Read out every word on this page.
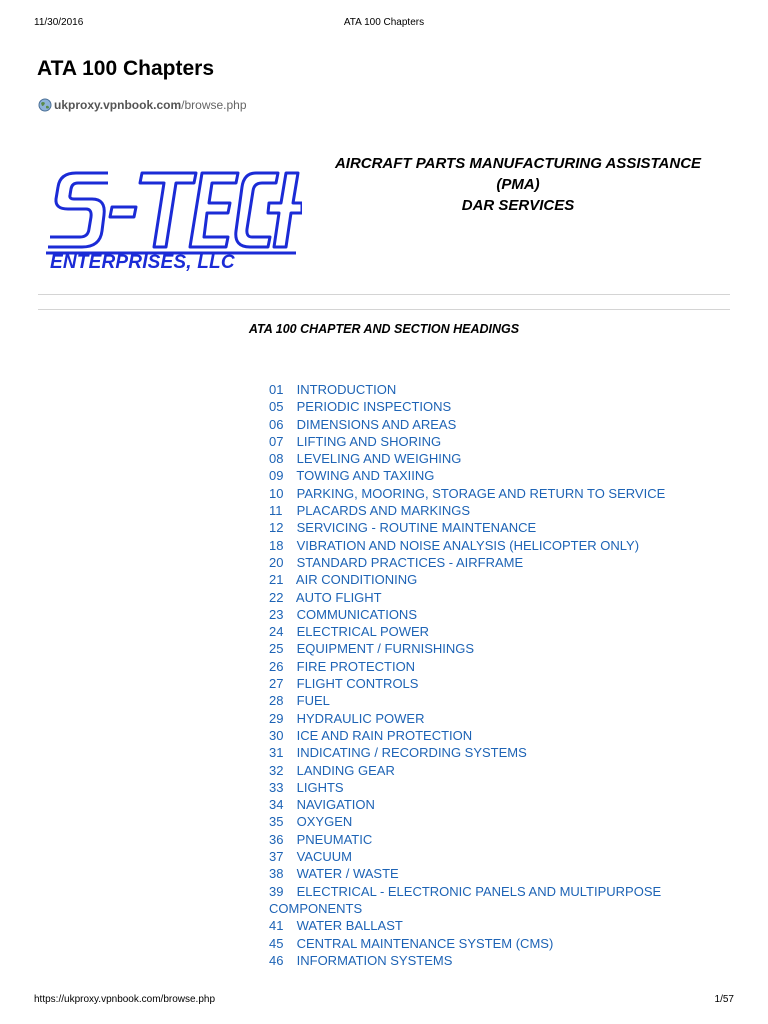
11/30/2016	ATA 100 Chapters
ATA 100 Chapters
ukproxy.vpnbook.com /browse.php
ENTERPRISES, LLC
AIRCRAFT PARTS MANUFACTURING ASSISTANCE
(PMA)
DAR SERVICES
ATA 100 CHAPTER AND SECTION HEADINGS
01 INTRODUCTION
05 PERIODIC INSPECTIONS
06 DIMENSIONS AND AREAS
07 LIFTING AND SHORING
08 LEVELING AND WEIGHING
09 TOWING AND TAXIING
10 PARKING, MOORING, STORAGE AND RETURN TO SERVICE
11 PLACARDS AND MARKINGS
12 SERVICING - ROUTINE MAINTENANCE
18 VIBRATION AND NOISE ANALYSIS (HELICOPTER ONLY)
20 STANDARD PRACTICES - AIRFRAME
21 AIR CONDITIONING
22 AUTO FLIGHT
23 COMMUNICATIONS
24 ELECTRICAL POWER
25 EQUIPMENT / FURNISHINGS
26 FIRE PROTECTION
27 FLIGHT CONTROLS
28 FUEL
29 HYDRAULIC POWER
30 ICE AND RAIN PROTECTION
31 INDICATING / RECORDING SYSTEMS
32 LANDING GEAR
33 LIGHTS
34 NAVIGATION
35 OXYGEN
36 PNEUMATIC
37 VACUUM
38 WATER / WASTE
39 ELECTRICAL - ELECTRONIC PANELS AND MULTIPURPOSE COMPONENTS
41 WATER BALLAST
45 CENTRAL MAINTENANCE SYSTEM (CMS)
46 INFORMATION SYSTEMS
https://ukproxy.vpnbook.com/browse.php	1/57
